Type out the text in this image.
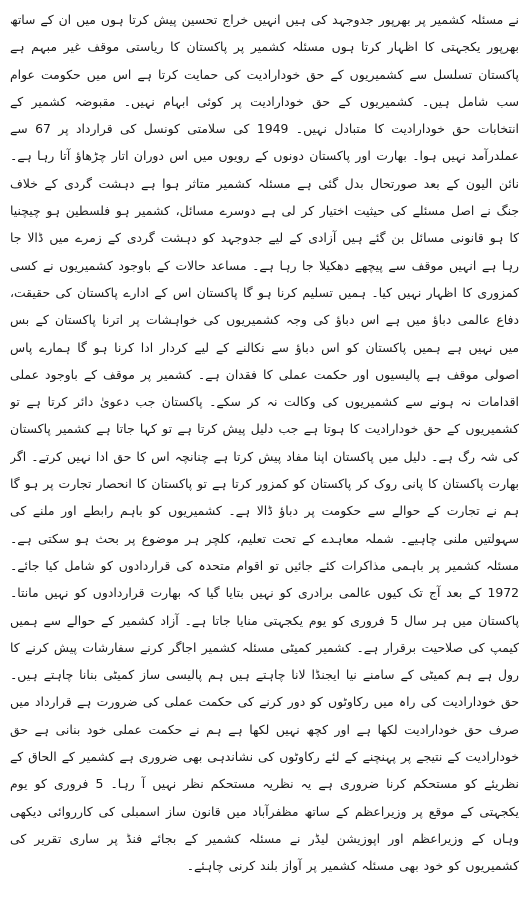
نے مسئلہ کشمیر پر بھرپور جدوجہد کی ہیں انہیں خراج تحسین پیش کرتا ہوں میں ان کے ساتھ بھرپور یکجہتی کا اظہار کرتا ہوں مسئلہ کشمیر پر پاکستان کا ریاستی موقف غیر مبہم ہے پاکستان تسلسل سے کشمیریوں کے حق خودارادیت کی حمایت کرتا ہے اس میں حکومت عوام سب شامل ہیں۔ کشمیریوں کے حق خودارادیت پر کوئی ابہام نہیں۔ مقبوضہ کشمیر کے انتخابات حق خودارادیت کا متبادل نہیں۔ 1949 کی سلامتی کونسل کی قرارداد پر 67 سے عملدرآمد نہیں ہوا۔ بھارت اور پاکستان دونوں کے رویوں میں اس دوران اتار چڑھاؤ آتا رہا ہے۔ نائن الیون کے بعد صورتحال بدل گئی ہے مسئلہ کشمیر متاثر ہوا ہے دہشت گردی کے خلاف جنگ نے اصل مسئلے کی حیثیت اختیار کر لی ہے دوسرے مسائل، کشمیر ہو فلسطین ہو چیچنیا کا ہو قانونی مسائل بن گئے ہیں آزادی کے لیے جدوجہد کو دہشت گردی کے زمرے میں ڈالا جا رہا ہے انہیں موقف سے پیچھے دھکیلا جا رہا ہے۔ مساعد حالات کے باوجود کشمیریوں نے کسی کمزوری کا اظہار نہیں کیا۔ ہمیں تسلیم کرنا ہو گا پاکستان اس کے ادارے پاکستان کی حقیقت، دفاع عالمی دباؤ میں ہے اس دباؤ کی وجہ کشمیریوں کی خواہشات پر اترنا پاکستان کے بس میں نہیں ہے ہمیں پاکستان کو اس دباؤ سے نکالنے کے لیے کردار ادا کرنا ہو گا ہمارے پاس اصولی موقف ہے پالیسیوں اور حکمت عملی کا فقدان ہے۔ کشمیر پر موقف کے باوجود عملی اقدامات نہ ہونے سے کشمیریوں کی وکالت نہ کر سکے۔ پاکستان جب دعویٰ دائر کرتا ہے تو کشمیریوں کے حق خودارادیت کا ہوتا ہے جب دلیل پیش کرتا ہے تو کہا جاتا ہے کشمیر پاکستان کی شہ رگ ہے۔ دلیل میں پاکستان اپنا مفاد پیش کرتا ہے چنانچہ اس کا حق ادا نہیں کرتے۔ اگر بھارت پاکستان کا پانی روک کر پاکستان کو کمزور کرتا ہے تو پاکستان کا انحصار تجارت پر ہو گا ہم نے تجارت کے حوالے سے حکومت پر دباؤ ڈالا ہے۔ کشمیریوں کو باہم رابطے اور ملنے کی سہولتیں ملنی چاہیے۔ شملہ معاہدے کے تحت تعلیم، کلچر ہر موضوع پر بحث ہو سکتی ہے۔ مسئلہ کشمیر پر باہمی مذاکرات کئے جائیں تو اقوام متحدہ کی قراردادوں کو شامل کیا جائے۔ 1972 کے بعد آج تک کیوں عالمی برادری کو نہیں بتایا گیا کہ بھارت قراردادوں کو نہیں مانتا۔ پاکستان میں ہر سال 5 فروری کو یوم یکجہتی منایا جاتا ہے۔ آزاد کشمیر کے حوالے سے ہمیں کیمپ کی صلاحیت برقرار ہے۔ کشمیر کمیٹی مسئلہ کشمیر اجاگر کرنے سفارشات پیش کرنے کا رول ہے ہم کمیٹی کے سامنے نیا ایجنڈا لانا چاہتے ہیں ہم پالیسی ساز کمیٹی بنانا چاہتے ہیں۔ حق خودارادیت کی راہ میں رکاوٹوں کو دور کرنے کی حکمت عملی کی ضرورت ہے قرارداد میں صرف حق خودارادیت لکھا ہے اور کچھ نہیں لکھا ہے ہم نے حکمت عملی خود بنانی ہے حق خودارادیت کے نتیجے پر پہنچنے کے لئے رکاوٹوں کی نشاندہی بھی ضروری ہے کشمیر کے الحاق کے نظریئے کو مستحکم کرنا ضروری ہے یہ نظریہ مستحکم نظر نہیں آ رہا۔ 5 فروری کو یوم یکجہتی کے موقع پر وزیراعظم کے ساتھ مظفرآباد میں قانون ساز اسمبلی کی کارروائی دیکھی وہاں کے وزیراعظم اور اپوزیشن لیڈر نے مسئلہ کشمیر کے بجائے فنڈ پر ساری تقریر کی کشمیریوں کو خود بھی مسئلہ کشمیر پر آواز بلند کرنی چاہئے۔
